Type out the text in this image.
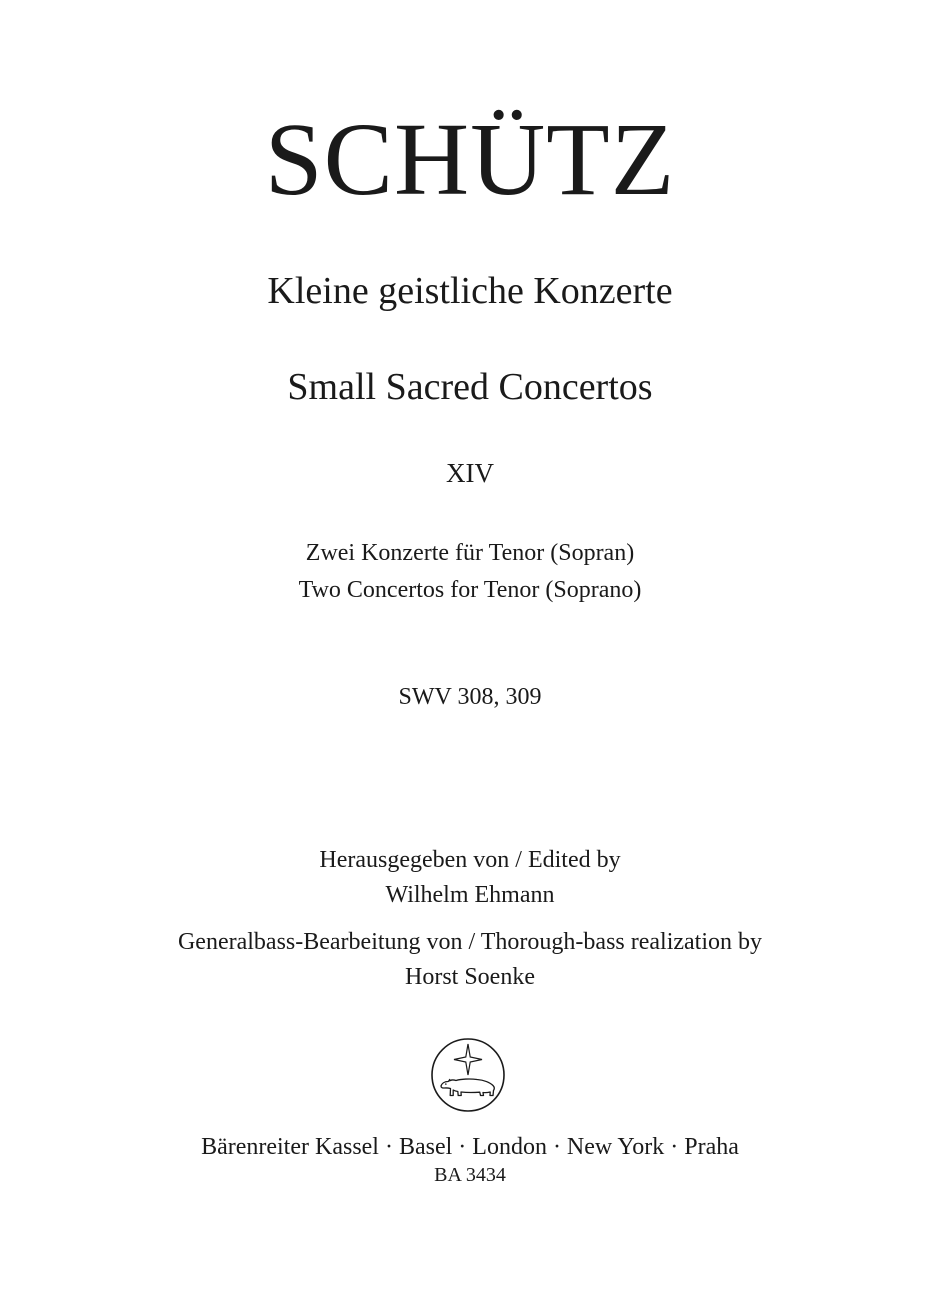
SCHÜTZ
Kleine geistliche Konzerte
Small Sacred Concertos
XIV
Zwei Konzerte für Tenor (Sopran)
Two Concertos for Tenor (Soprano)
SWV 308, 309
Herausgegeben von / Edited by
Wilhelm Ehmann
Generalbass-Bearbeitung von / Thorough-bass realization by
Horst Soenke
Bärenreiter Kassel · Basel · London · New York · Praha
BA 3434
